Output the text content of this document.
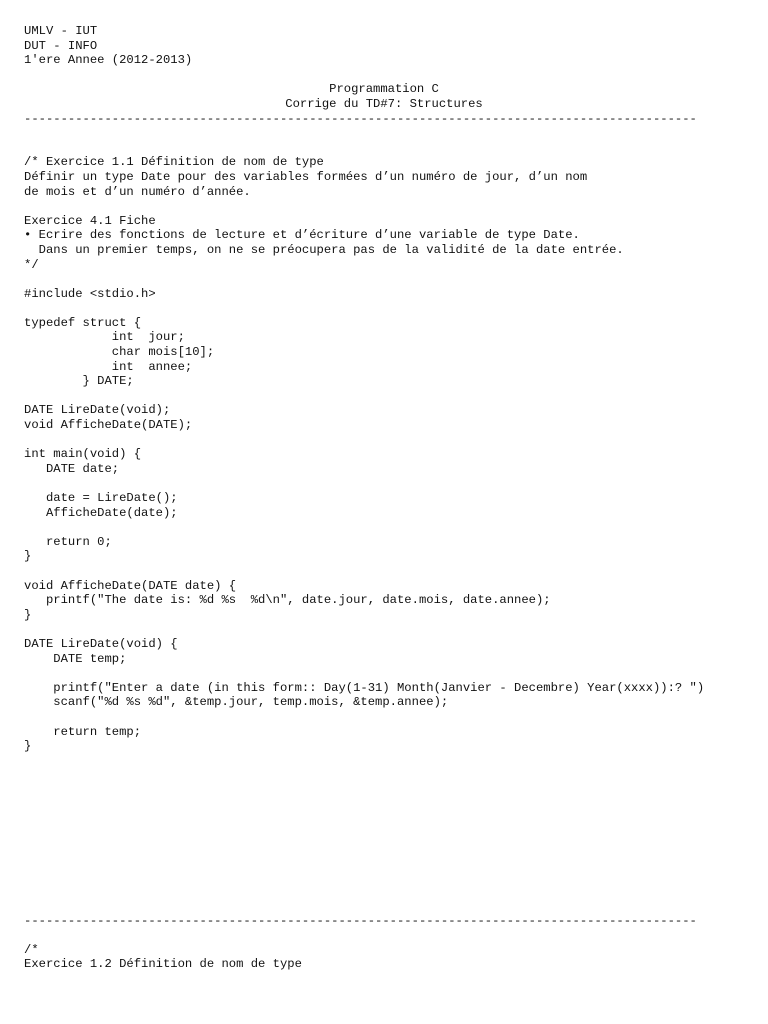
UMLV - IUT
DUT - INFO
1'ere Annee (2012-2013)
Programmation C
Corrige du TD#7: Structures
--------------------------------------------------------------------------------------------
/* Exercice 1.1 Définition de nom de type
Définir un type Date pour des variables formées d’un numéro de jour, d’un nom
de mois et d’un numéro d’année.
Exercice 4.1 Fiche
• Ecrire des fonctions de lecture et d’écriture d’une variable de type Date.
Dans un premier temps, on ne se préocupera pas de la validité de la date entrée.
*/
#include <stdio.h>
typedef struct {
int  jour;
char mois[10];
int  annee;
} DATE;
DATE LireDate(void);
void AfficheDate(DATE);
int main(void) {
DATE date;
date = LireDate();
AfficheDate(date);
return 0;
}
void AfficheDate(DATE date) {
printf("The date is: %d %s  %d\n", date.jour, date.mois, date.annee);
}
DATE LireDate(void) {
DATE temp;
printf("Enter a date (in this form:: Day(1-31) Month(Janvier - Decembre) Year(xxxx)):? ")
scanf("%d %s %d", &temp.jour, temp.mois, &temp.annee);
return temp;
}
--------------------------------------------------------------------------------------------
/*
Exercice 1.2 Définition de nom de type
